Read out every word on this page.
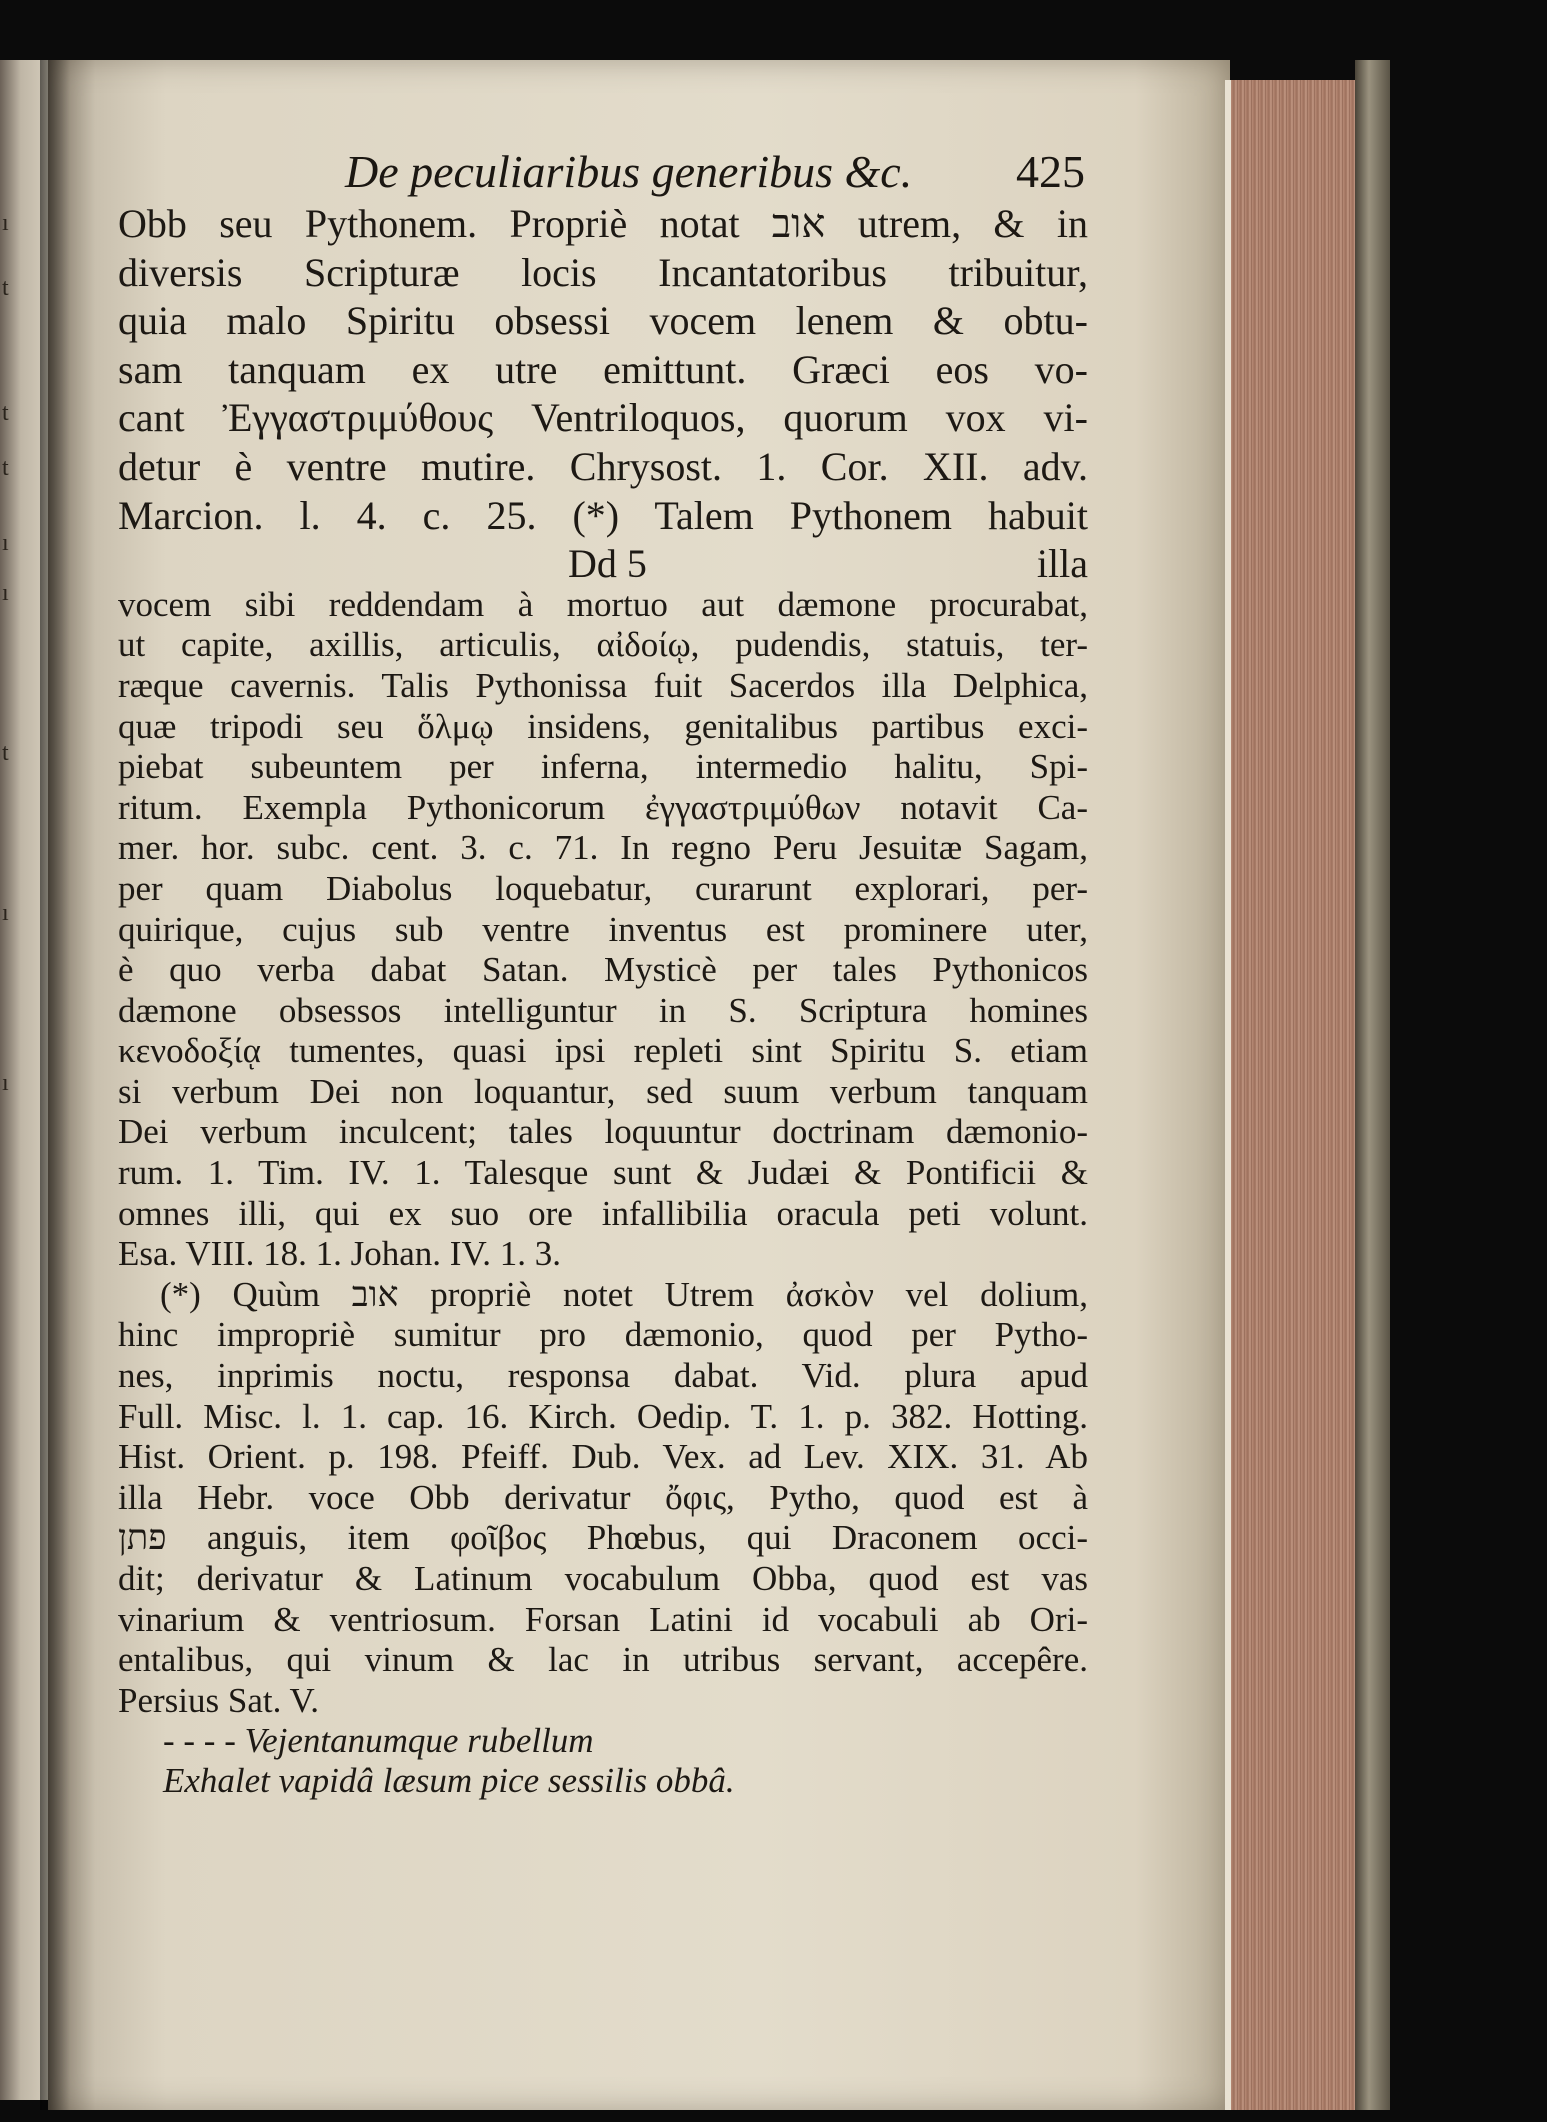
ı
t
t
t
ı
ı
t
ı
ı
De peculiaribus generibus &c. 425
Obb seu Pythonem. Propriè notat אוב utrem, & in
diversis Scripturæ locis Incantatoribus tribuitur,
quia malo Spiritu obsessi vocem lenem & obtu-
sam tanquam ex utre emittunt. Græci eos vo-
cant Ἐγγαστριμύθους Ventriloquos, quorum vox vi-
detur è ventre mutire. Chrysost. 1. Cor. XII. adv.
Marcion. l. 4. c. 25. (*) Talem Pythonem habuit
Dd 5	illa
vocem sibi reddendam à mortuo aut dæmone procurabat,
ut capite, axillis, articulis, αἰδοίῳ, pudendis, statuis, ter-
ræque cavernis. Talis Pythonissa fuit Sacerdos illa Delphica,
quæ tripodi seu ὅλμῳ insidens, genitalibus partibus exci-
piebat subeuntem per inferna, intermedio halitu, Spi-
ritum. Exempla Pythonicorum ἐγγαστριμύθων notavit Ca-
mer. hor. subc. cent. 3. c. 71. In regno Peru Jesuitæ Sagam,
per quam Diabolus loquebatur, curarunt explorari, per-
quirique, cujus sub ventre inventus est prominere uter,
è quo verba dabat Satan. Mysticè per tales Pythonicos
dæmone obsessos intelliguntur in S. Scriptura homines
κενοδοξίᾳ tumentes, quasi ipsi repleti sint Spiritu S. etiam
si verbum Dei non loquantur, sed suum verbum tanquam
Dei verbum inculcent; tales loquuntur doctrinam dæmonio-
rum. 1. Tim. IV. 1. Talesque sunt & Judæi & Pontificii &
omnes illi, qui ex suo ore infallibilia oracula peti volunt.
Esa. VIII. 18. 1. Johan. IV. 1. 3.
(*) Quùm אוב propriè notet Utrem ἀσκὸν vel dolium,
hinc impropriè sumitur pro dæmonio, quod per Pytho-
nes, inprimis noctu, responsa dabat. Vid. plura apud
Full. Misc. l. 1. cap. 16. Kirch. Oedip. T. 1. p. 382. Hotting.
Hist. Orient. p. 198. Pfeiff. Dub. Vex. ad Lev. XIX. 31. Ab
illa Hebr. voce Obb derivatur ὄφις, Pytho, quod est à
פתן anguis, item φοῖβος Phœbus, qui Draconem occi-
dit; derivatur & Latinum vocabulum Obba, quod est vas
vinarium & ventriosum. Forsan Latini id vocabuli ab Ori-
entalibus, qui vinum & lac in utribus servant, accepêre.
Persius Sat. V.
- - - - Vejentanumque rubellum
Exhalet vapidâ læsum pice sessilis obbâ.
